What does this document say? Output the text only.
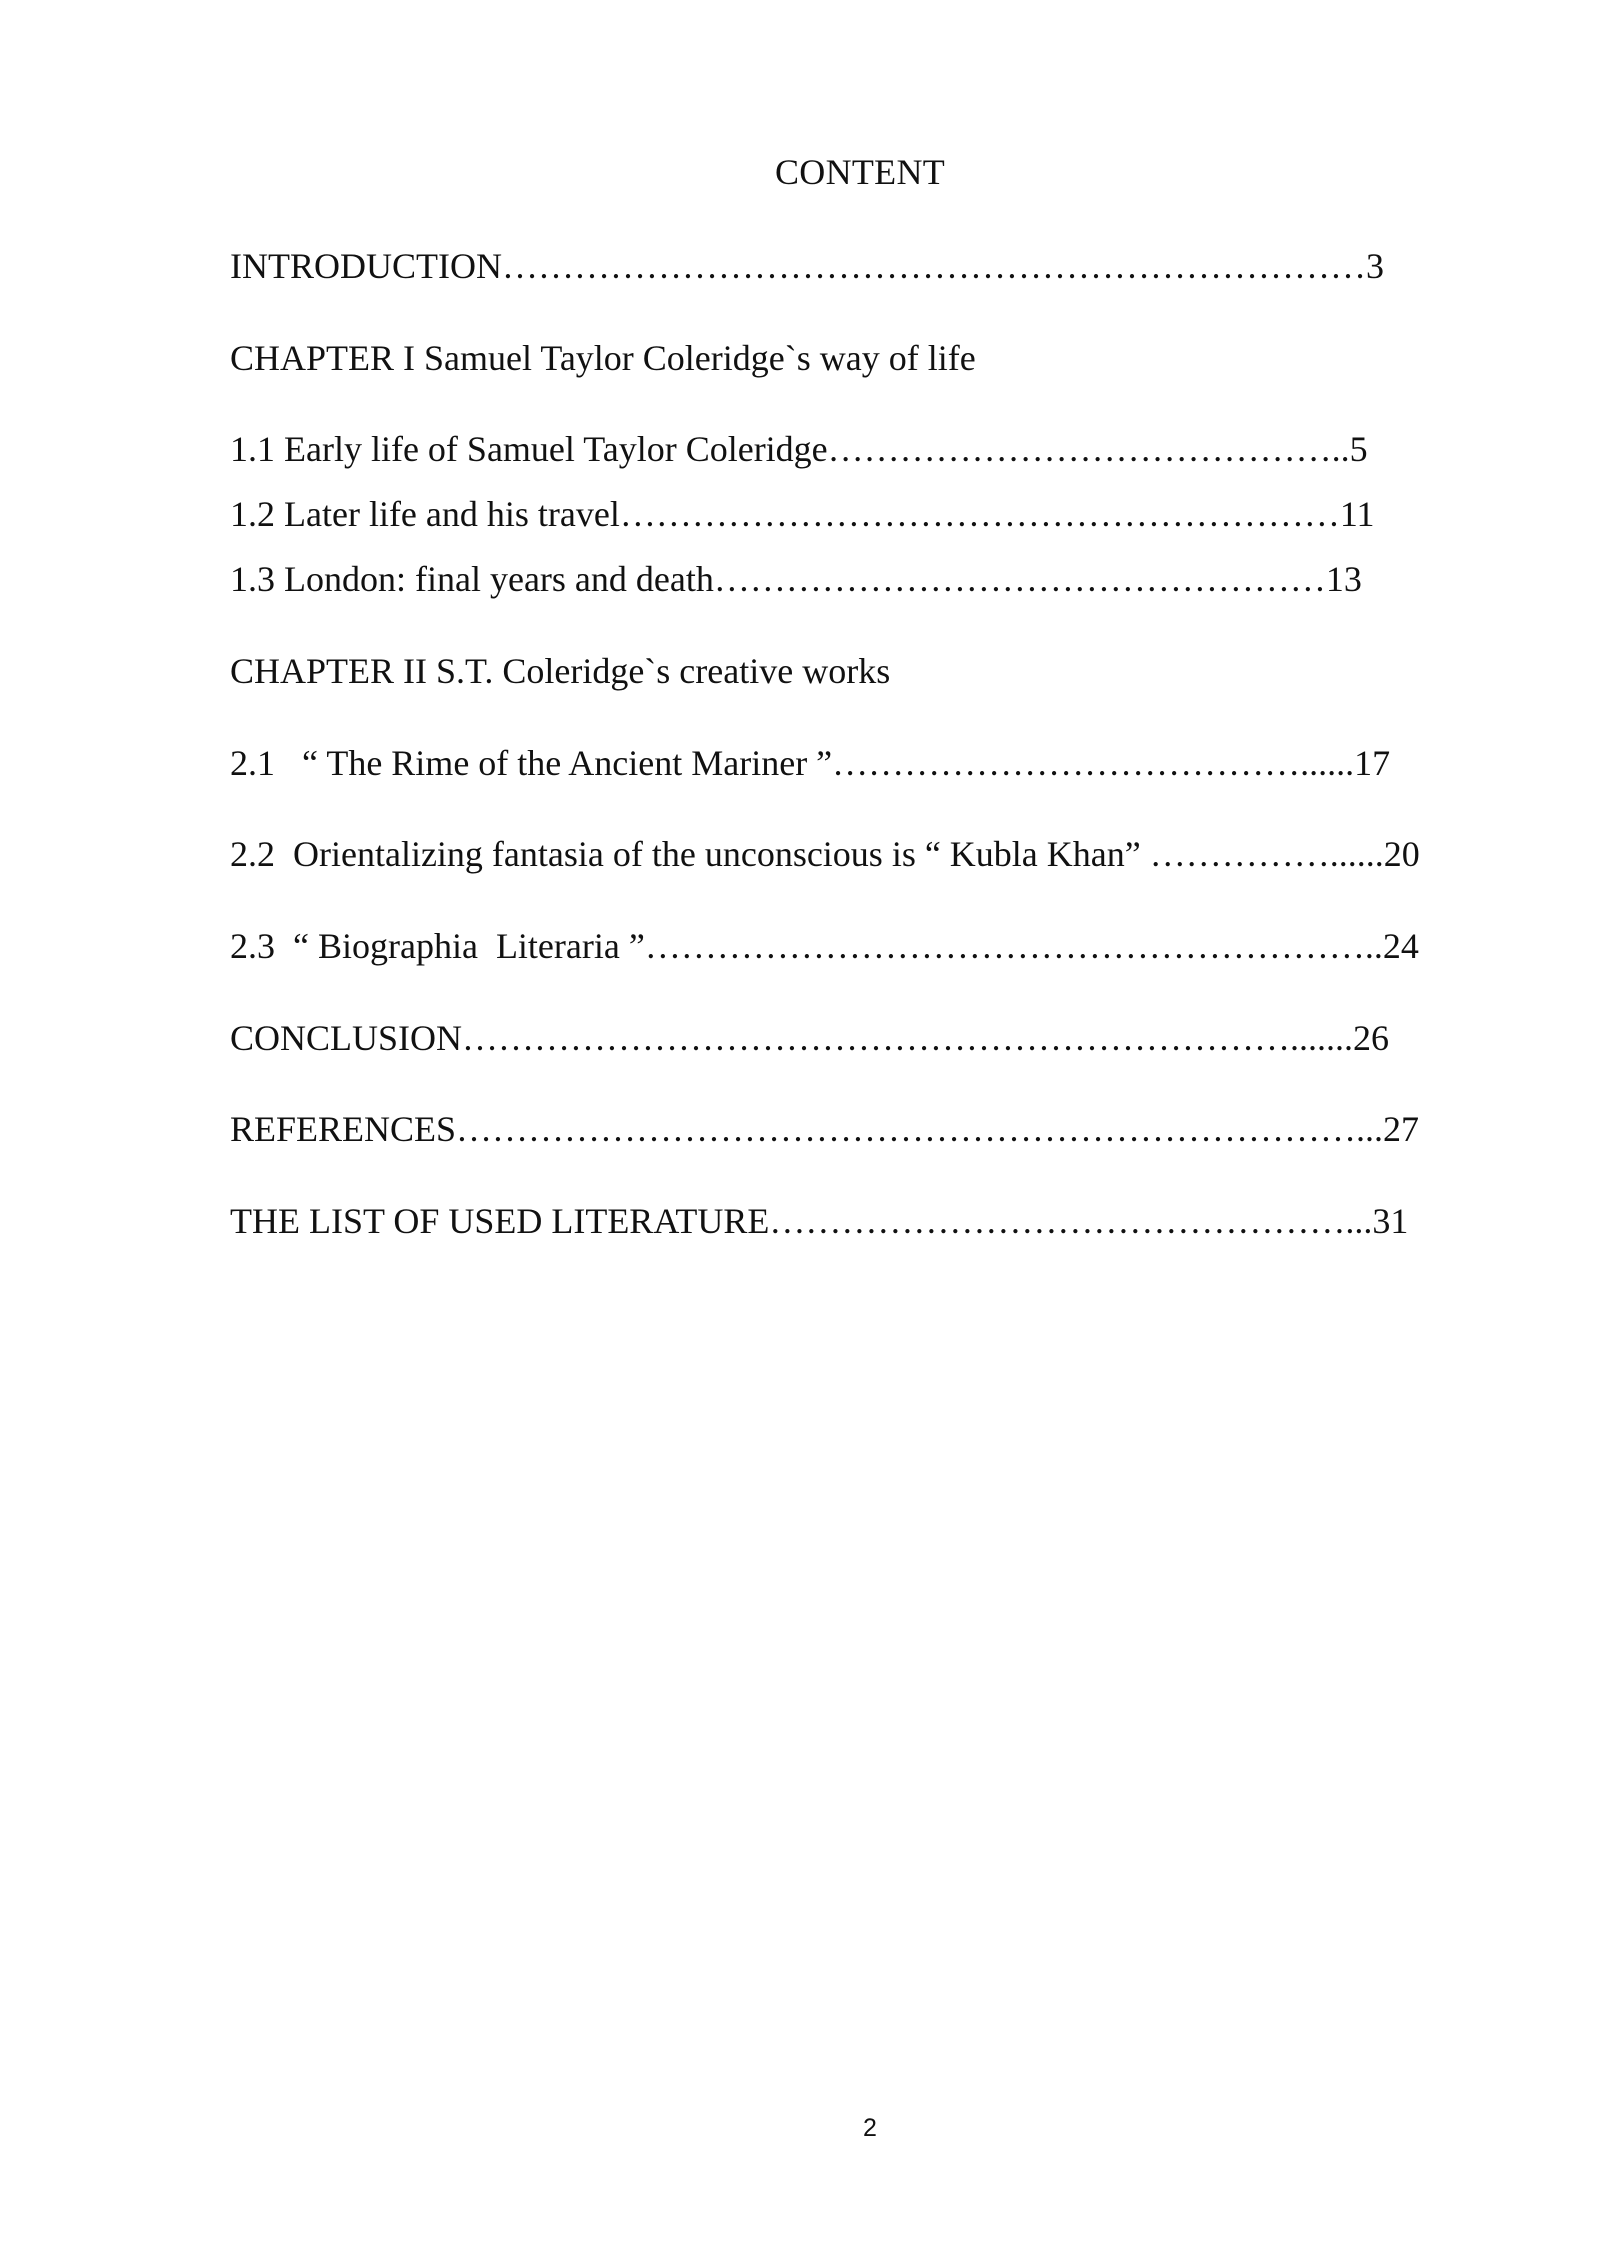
CONTENT
INTRODUCTION………………………………………………………………3
CHAPTER I Samuel Taylor Coleridge`s way of life
1.1 Early life of Samuel Taylor Coleridge……………………………………..5
1.2 Later life and his travel……………………………………………………11
1.3 London: final years and death……………………………………………13
CHAPTER II S.T. Coleridge`s creative works
2.1   “ The Rime of the Ancient Mariner ”…………………………………......17
2.2  Orientalizing fantasia of the unconscious is “ Kubla Khan” ……………......20
2.3  “ Biographia  Literaria ”……………………………………………………..24
CONCLUSION…………………………………………………………….......26
REFERENCES…………………………………………………………………...27
THE LIST OF USED LITERATURE…………………………………………...31
2
